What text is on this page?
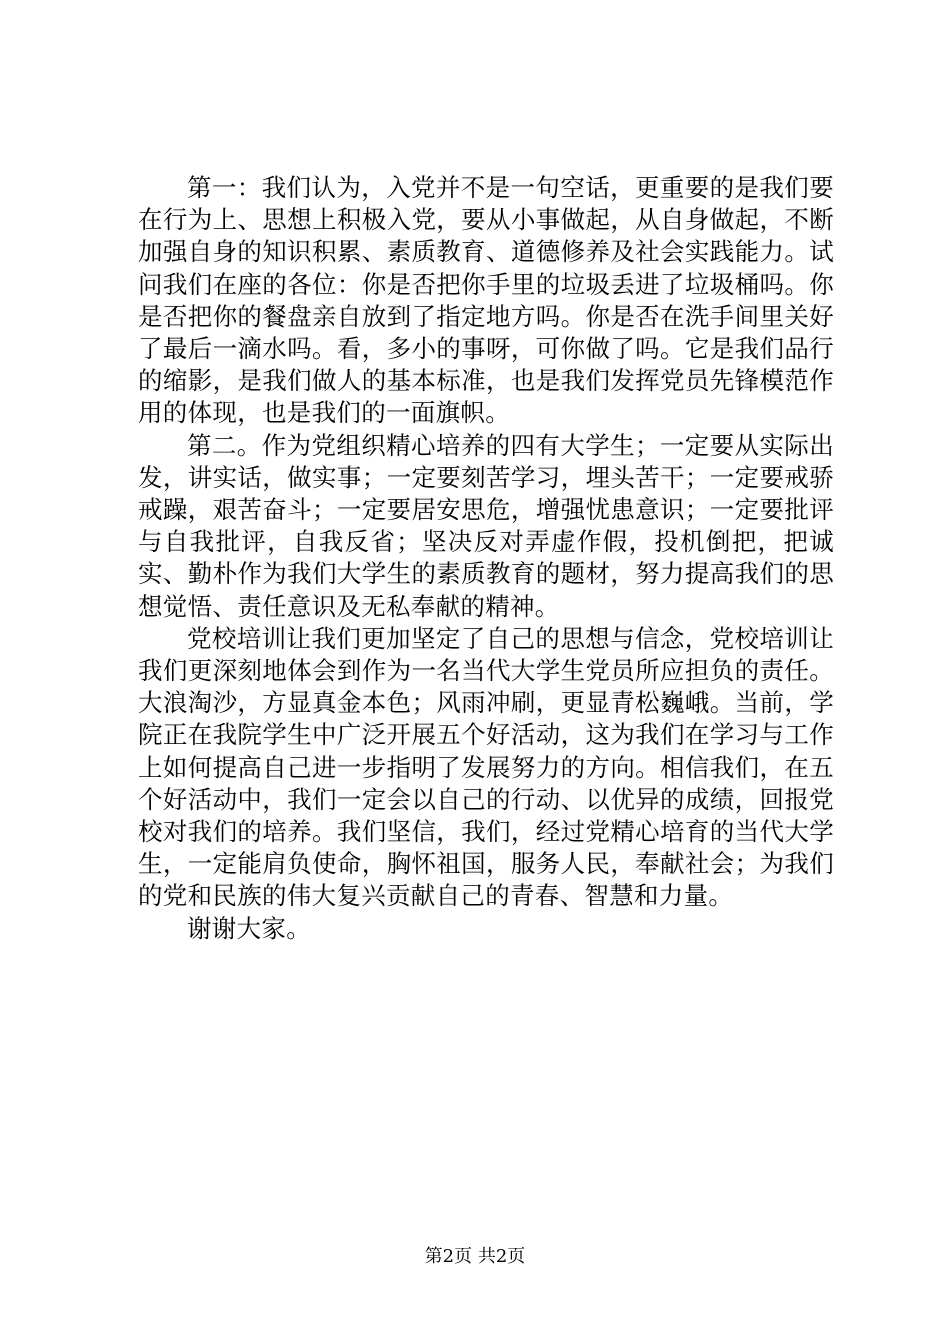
第一：我们认为，入党并不是一句空话，更重要的是我们要在行为上、思想上积极入党，要从小事做起，从自身做起，不断加强自身的知识积累、素质教育、道德修养及社会实践能力。试问我们在座的各位：你是否把你手里的垃圾丢进了垃圾桶吗。你是否把你的餐盘亲自放到了指定地方吗。你是否在洗手间里关好了最后一滴水吗。看，多小的事呀，可你做了吗。它是我们品行的缩影，是我们做人的基本标准，也是我们发挥党员先锋模范作用的体现，也是我们的一面旗帜。

第二。作为党组织精心培养的四有大学生；一定要从实际出发，讲实话，做实事；一定要刻苦学习，埋头苦干；一定要戒骄戒躁，艰苦奋斗；一定要居安思危，增强忧患意识；一定要批评与自我批评，自我反省；坚决反对弄虚作假，投机倒把，把诚实、勤朴作为我们大学生的素质教育的题材，努力提高我们的思想觉悟、责任意识及无私奉献的精神。

党校培训让我们更加坚定了自己的思想与信念，党校培训让我们更深刻地体会到作为一名当代大学生党员所应担负的责任。大浪淘沙，方显真金本色；风雨冲刷，更显青松巍峨。当前，学院正在我院学生中广泛开展五个好活动，这为我们在学习与工作上如何提高自己进一步指明了发展努力的方向。相信我们，在五个好活动中，我们一定会以自己的行动、以优异的成绩，回报党校对我们的培养。我们坚信，我们，经过党精心培育的当代大学生，一定能肩负使命，胸怀祖国，服务人民，奉献社会；为我们的党和民族的伟大复兴贡献自己的青春、智慧和力量。

谢谢大家。

第2页 共2页
